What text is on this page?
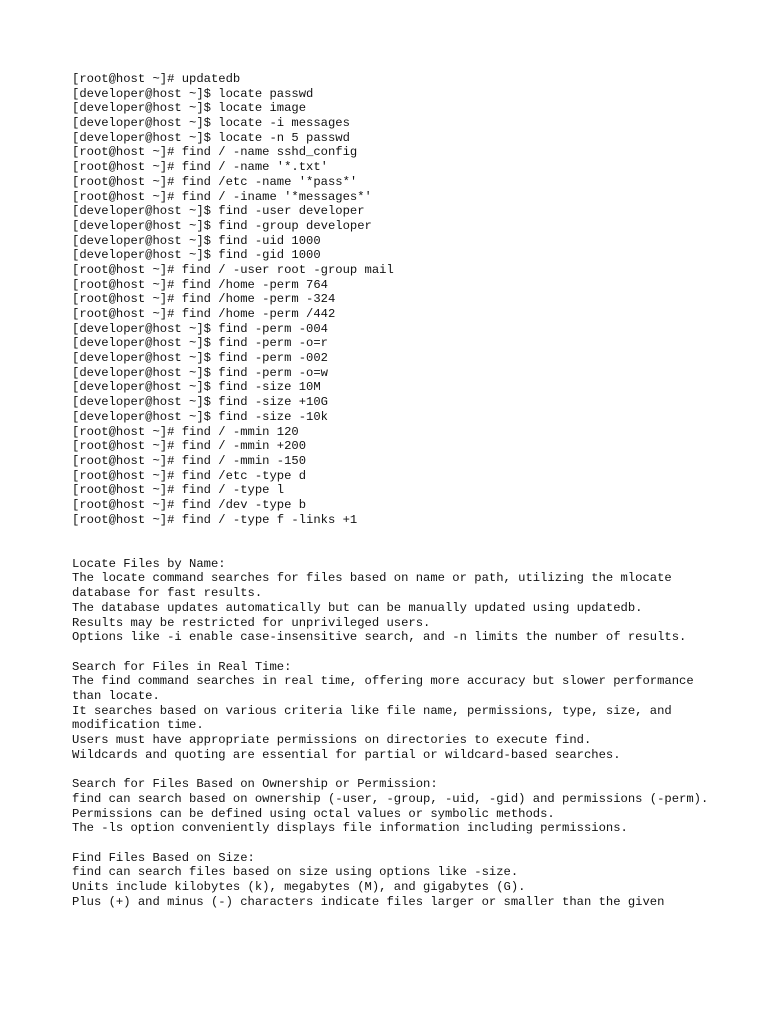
[root@host ~]# updatedb
[developer@host ~]$ locate passwd
[developer@host ~]$ locate image
[developer@host ~]$ locate -i messages
[developer@host ~]$ locate -n 5 passwd
[root@host ~]# find / -name sshd_config
[root@host ~]# find / -name '*.txt'
[root@host ~]# find /etc -name '*pass*'
[root@host ~]# find / -iname '*messages*'
[developer@host ~]$ find -user developer
[developer@host ~]$ find -group developer
[developer@host ~]$ find -uid 1000
[developer@host ~]$ find -gid 1000
[root@host ~]# find / -user root -group mail
[root@host ~]# find /home -perm 764
[root@host ~]# find /home -perm -324
[root@host ~]# find /home -perm /442
[developer@host ~]$ find -perm -004
[developer@host ~]$ find -perm -o=r
[developer@host ~]$ find -perm -002
[developer@host ~]$ find -perm -o=w
[developer@host ~]$ find -size 10M
[developer@host ~]$ find -size +10G
[developer@host ~]$ find -size -10k
[root@host ~]# find / -mmin 120
[root@host ~]# find / -mmin +200
[root@host ~]# find / -mmin -150
[root@host ~]# find /etc -type d
[root@host ~]# find / -type l
[root@host ~]# find /dev -type b
[root@host ~]# find / -type f -links +1
Locate Files by Name:
The locate command searches for files based on name or path, utilizing the mlocate database for fast results.
The database updates automatically but can be manually updated using updatedb.
Results may be restricted for unprivileged users.
Options like -i enable case-insensitive search, and -n limits the number of results.
Search for Files in Real Time:
The find command searches in real time, offering more accuracy but slower performance than locate.
It searches based on various criteria like file name, permissions, type, size, and modification time.
Users must have appropriate permissions on directories to execute find.
Wildcards and quoting are essential for partial or wildcard-based searches.
Search for Files Based on Ownership or Permission:
find can search based on ownership (-user, -group, -uid, -gid) and permissions (-perm).
Permissions can be defined using octal values or symbolic methods.
The -ls option conveniently displays file information including permissions.
Find Files Based on Size:
find can search files based on size using options like -size.
Units include kilobytes (k), megabytes (M), and gigabytes (G).
Plus (+) and minus (-) characters indicate files larger or smaller than the given
